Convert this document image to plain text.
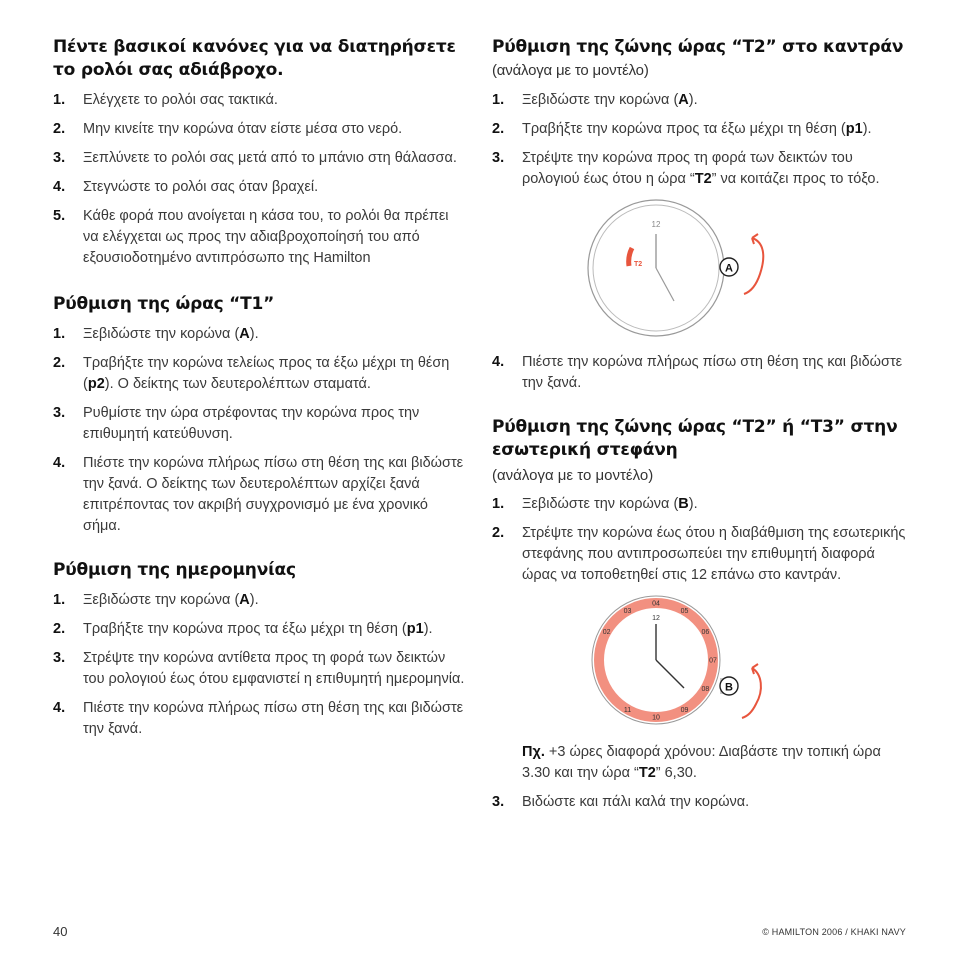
Πέντε βασικοί κανόνες για να διατηρήσετε το ρολόι σας αδιάβροχο.
1. Ελέγχετε το ρολόι σας τακτικά.
2. Μην κινείτε την κορώνα όταν είστε μέσα στο νερό.
3. Ξεπλύνετε το ρολόι σας μετά από το μπάνιο στη θάλασσα.
4. Στεγνώστε το ρολόι σας όταν βραχεί.
5. Κάθε φορά που ανοίγεται η κάσα του, το ρολόι θα πρέπει να ελέγχεται ως προς την αδιαβροχοποίησή του από εξουσιοδοτημένο αντιπρόσωπο της Hamilton
Ρύθμιση της ώρας “T1”
1. Ξεβιδώστε την κορώνα (A).
2. Τραβήξτε την κορώνα τελείως προς τα έξω μέχρι τη θέση (p2). Ο δείκτης των δευτερολέπτων σταματά.
3. Ρυθμίστε την ώρα στρέφοντας την κορώνα προς την επιθυμητή κατεύθυνση.
4. Πιέστε την κορώνα πλήρως πίσω στη θέση της και βιδώστε την ξανά. Ο δείκτης των δευτερολέπτων αρχίζει ξανά επιτρέποντας τον ακριβή συγχρονισμό με ένα χρονικό σήμα.
Ρύθμιση της ημερομηνίας
1. Ξεβιδώστε την κορώνα (A).
2. Τραβήξτε την κορώνα προς τα έξω μέχρι τη θέση (p1).
3. Στρέψτε την κορώνα αντίθετα προς τη φορά των δεικτών του ρολογιού έως ότου εμφανιστεί η επιθυμητή ημερομηνία.
4. Πιέστε την κορώνα πλήρως πίσω στη θέση της και βιδώστε την ξανά.
Ρύθμιση της ζώνης ώρας “T2” στο καντράν (ανάλογα με το μοντέλο)
1. Ξεβιδώστε την κορώνα (A).
2. Τραβήξτε την κορώνα προς τα έξω μέχρι τη θέση (p1).
3. Στρέψτε την κορώνα προς τη φορά των δεικτών του ρολογιού έως ότου η ώρα “T2” να κοιτάζει προς το τόξο.
12
T2	A
4. Πιέστε την κορώνα πλήρως πίσω στη θέση της και βιδώστε την ξανά.
Ρύθμιση της ζώνης ώρας “T2” ή “T3” στην εσωτερική στεφάνη
(ανάλογα με το μοντέλο)
1. Ξεβιδώστε την κορώνα (B).
2. Στρέψτε την κορώνα έως ότου η διαβάθμιση της εσωτερικής στεφάνης που αντιπροσωπεύει την επιθυμητή διαφορά ώρας να τοποθετηθεί στις 12 επάνω στο καντράν.
02
03
04
05
06
07
08
09
10
11
12
B
Πχ. +3 ώρες διαφορά χρόνου: Διαβάστε την τοπική ώρα 3.30 και την ώρα “T2” 6,30.
3. Βιδώστε και πάλι καλά την κορώνα.
40	© HAMILTON 2006 / KHAKI NAVY
